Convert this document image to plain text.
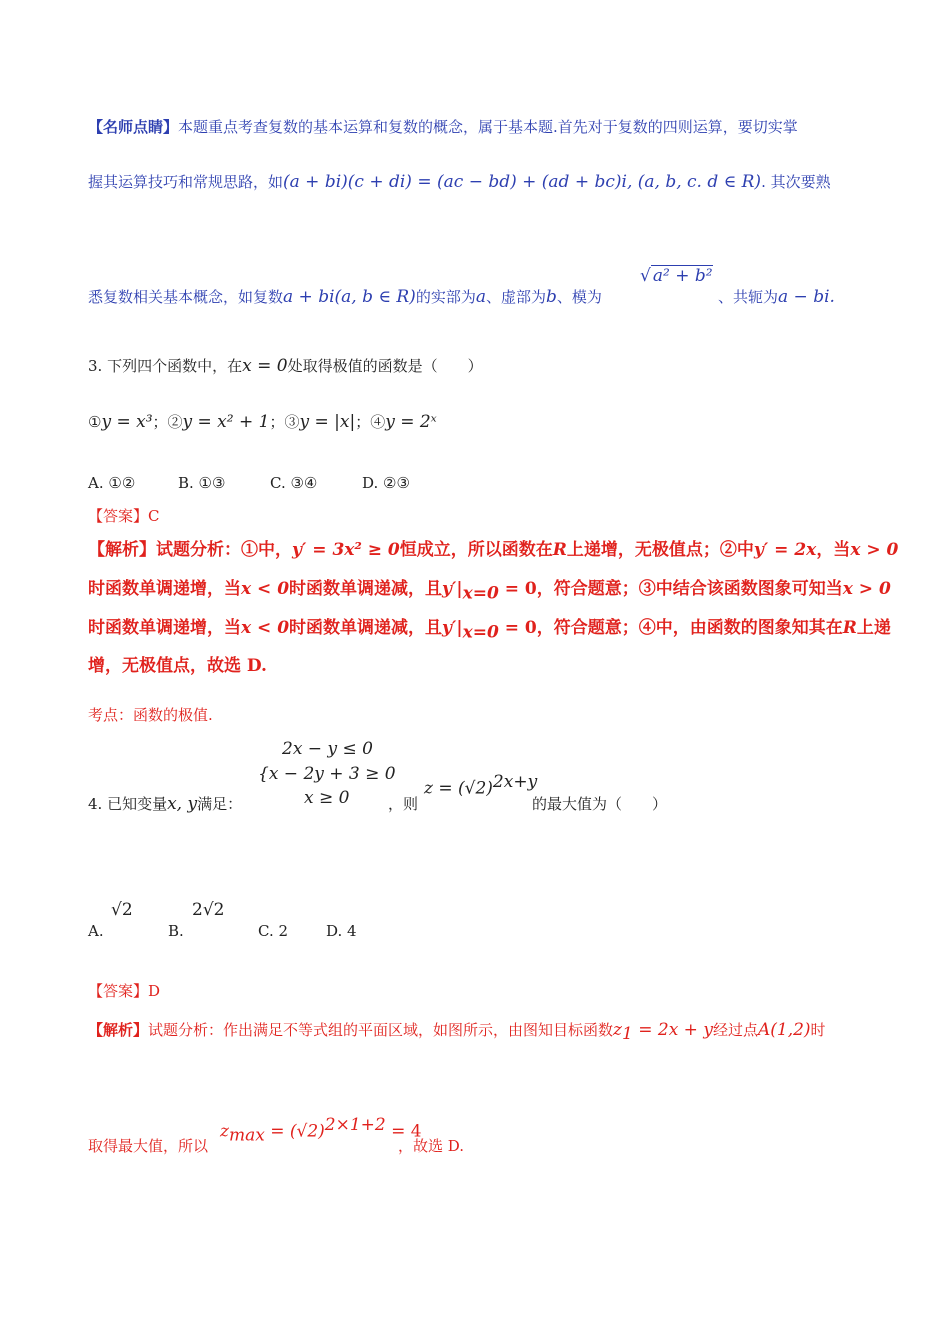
【名师点睛】本题重点考查复数的基本运算和复数的概念，属于基本题.首先对于复数的四则运算，要切实掌
握其运算技巧和常规思路，如(a + bi)(c + di) = (ac − bd) + (ad + bc)i, (a, b, c. d ∈ R). 其次要熟
悉复数相关基本概念，如复数a + bi(a, b ∈ R)的实部为a、虚部为b、模为
√ a² + b²
、共轭为a − bi.
3. 下列四个函数中，在x = 0处取得极值的函数是（　　）
①y = x³；②y = x² + 1；③y = |x|；④y = 2ˣ
A. ①②	B. ①③	C. ③④	D. ②③
【答案】C
【解析】试题分析：①中，y′ = 3x² ≥ 0恒成立，所以函数在R上递增，无极值点；②中y′ = 2x，当x > 0
时函数单调递增，当x < 0时函数单调递减，且$y'|_{x=0} = 0$，符合题意；③中结合该函数图象可知当x > 0
时函数单调递增，当x < 0时函数单调递减，且$y'|_{x=0} = 0$，符合题意；④中，由函数的图象知其在R上递
增，无极值点，故选 D.
考点：函数的极值.
2x − y ≤ 0
{x − 2y + 3 ≥ 0
x ≥ 0
4. 已知变量x, y满足：	，则
$z = (√2)^{2x+y}$
的最大值为（　　）
√2
A.
2√2
B.	C. 2	D. 4
【答案】D
【解析】试题分析：作出满足不等式组的平面区域，如图所示，由图知目标函数$z_1 = 2x + y$经过点A(1,2)时
取得最大值，所以
$z_{max} = (√2)^{2\times 1+2} = 4$
，故选 D.
